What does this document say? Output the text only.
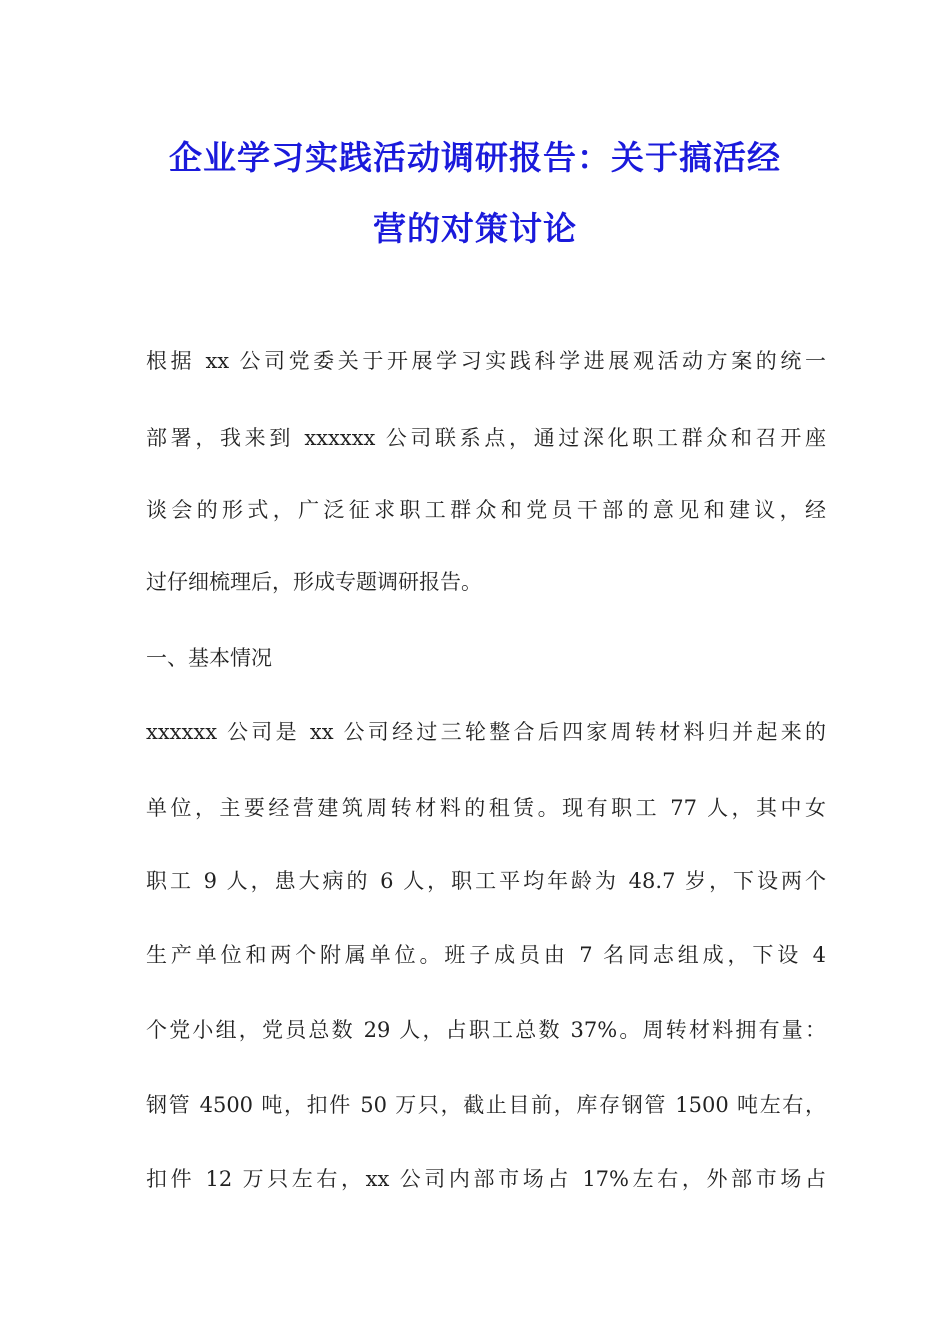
企业学习实践活动调研报告：关于搞活经
营的对策讨论
根据 xx 公司党委关于开展学习实践科学进展观活动方案的统一
部署，我来到 xxxxxx 公司联系点，通过深化职工群众和召开座
谈会的形式，广泛征求职工群众和党员干部的意见和建议，经
过仔细梳理后，形成专题调研报告。
一、基本情况
xxxxxx 公司是 xx 公司经过三轮整合后四家周转材料归并起来的
单位，主要经营建筑周转材料的租赁。现有职工 77 人，其中女
职工 9 人，患大病的 6 人，职工平均年龄为 48.7 岁，下设两个
生产单位和两个附属单位。班子成员由 7 名同志组成，下设 4
个党小组，党员总数 29 人，占职工总数 37%。周转材料拥有量：
钢管 4500 吨，扣件 50 万只，截止目前，库存钢管 1500 吨左右，
扣件 12 万只左右，xx 公司内部市场占 17%左右，外部市场占
